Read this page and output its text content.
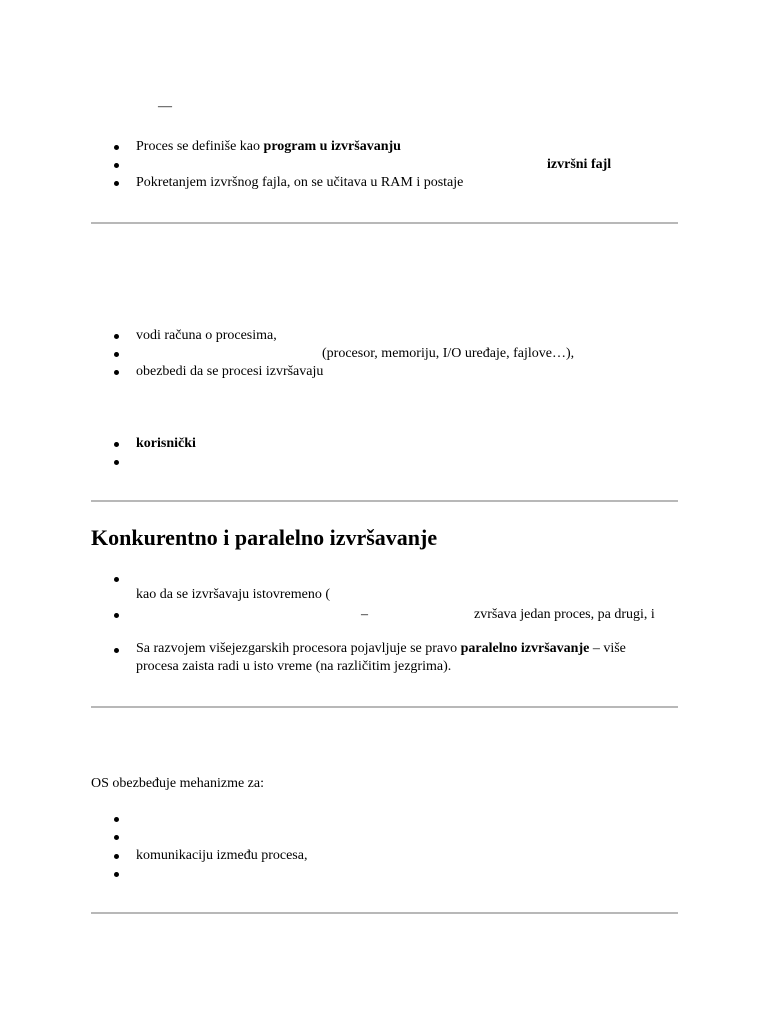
—
Proces se definiše kao program u izvršavanju
izvršni fajl
Pokretanjem izvršnog fajla, on se učitava u RAM i postaje
vodi računa o procesima,
(procesor, memoriju, I/O uređaje, fajlove…),
obezbedi da se procesi izvršavaju
korisnički
Konkurentno i paralelno izvršavanje
kao da se izvršavaju istovremeno (
–	zvršava jedan proces, pa drugi, i
Sa razvojem višejezgarskih procesora pojavljuje se pravo paralelno izvršavanje – više
procesa zaista radi u isto vreme (na različitim jezgrima).
OS obezbeđuje mehanizme za:
komunikaciju između procesa,
